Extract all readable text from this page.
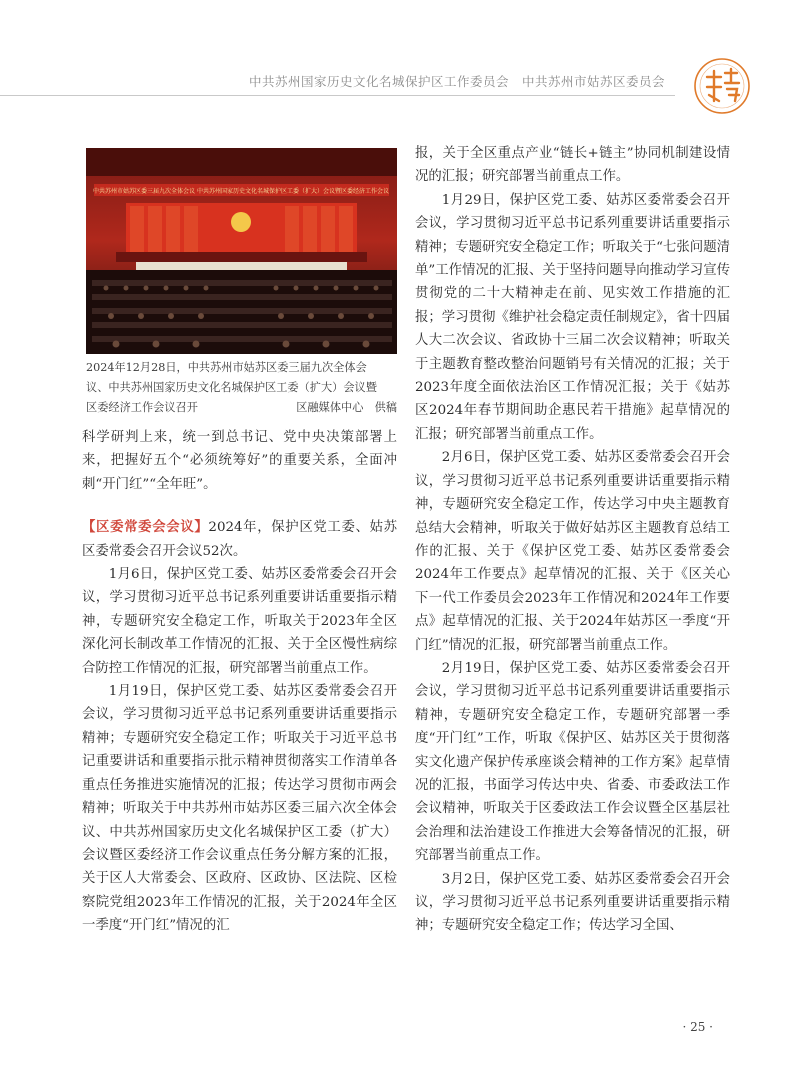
中共苏州国家历史文化名城保护区工作委员会　中共苏州市姑苏区委员会
中共苏州市姑苏区委三届九次全体会议 中共苏州国家历史文化名城保护区工委（扩大）会议暨区委经济工作会议

2024年12月28日，中共苏州市姑苏区委三届九次全体会

议、中共苏州国家历史文化名城保护区工委（扩大）会议暨

区委经济工作会议召开	区融媒体中心　供稿

科学研判上来，统一到总书记、党中央决策部署上来，把握好五个“必须统筹好”的重要关系，全面冲刺“开门红”“全年旺”。

【区委常委会会议】2024年，保护区党工委、姑苏区委常委会召开会议52次。

1月6日，保护区党工委、姑苏区委常委会召开会议，学习贯彻习近平总书记系列重要讲话重要指示精神，专题研究安全稳定工作，听取关于2023年全区深化河长制改革工作情况的汇报、关于全区慢性病综合防控工作情况的汇报，研究部署当前重点工作。

1月19日，保护区党工委、姑苏区委常委会召开会议，学习贯彻习近平总书记系列重要讲话重要指示精神；专题研究安全稳定工作；听取关于习近平总书记重要讲话和重要指示批示精神贯彻落实工作清单各重点任务推进实施情况的汇报；传达学习贯彻市两会精神；听取关于中共苏州市姑苏区委三届六次全体会议、中共苏州国家历史文化名城保护区工委（扩大）会议暨区委经济工作会议重点任务分解方案的汇报，关于区人大常委会、区政府、区政协、区法院、区检察院党组2023年工作情况的汇报，关于2024年全区一季度“开门红”情况的汇

报，关于全区重点产业“链长+链主”协同机制建设情况的汇报；研究部署当前重点工作。

1月29日，保护区党工委、姑苏区委常委会召开会议，学习贯彻习近平总书记系列重要讲话重要指示精神；专题研究安全稳定工作；听取关于“七张问题清单”工作情况的汇报、关于坚持问题导向推动学习宣传贯彻党的二十大精神走在前、见实效工作措施的汇报；学习贯彻《维护社会稳定责任制规定》，省十四届人大二次会议、省政协十三届二次会议精神；听取关于主题教育整改整治问题销号有关情况的汇报；关于2023年度全面依法治区工作情况汇报；关于《姑苏区2024年春节期间助企惠民若干措施》起草情况的汇报；研究部署当前重点工作。

2月6日，保护区党工委、姑苏区委常委会召开会议，学习贯彻习近平总书记系列重要讲话重要指示精神，专题研究安全稳定工作，传达学习中央主题教育总结大会精神，听取关于做好姑苏区主题教育总结工作的汇报、关于《保护区党工委、姑苏区委常委会2024年工作要点》起草情况的汇报、关于《区关心下一代工作委员会2023年工作情况和2024年工作要点》起草情况的汇报、关于2024年姑苏区一季度“开门红”情况的汇报，研究部署当前重点工作。

2月19日，保护区党工委、姑苏区委常委会召开会议，学习贯彻习近平总书记系列重要讲话重要指示精神，专题研究安全稳定工作，专题研究部署一季度“开门红”工作，听取《保护区、姑苏区关于贯彻落实文化遗产保护传承座谈会精神的工作方案》起草情况的汇报，书面学习传达中央、省委、市委政法工作会议精神，听取关于区委政法工作会议暨全区基层社会治理和法治建设工作推进大会筹备情况的汇报，研究部署当前重点工作。

3月2日，保护区党工委、姑苏区委常委会召开会议，学习贯彻习近平总书记系列重要讲话重要指示精神；专题研究安全稳定工作；传达学习全国、

· 25 ·
